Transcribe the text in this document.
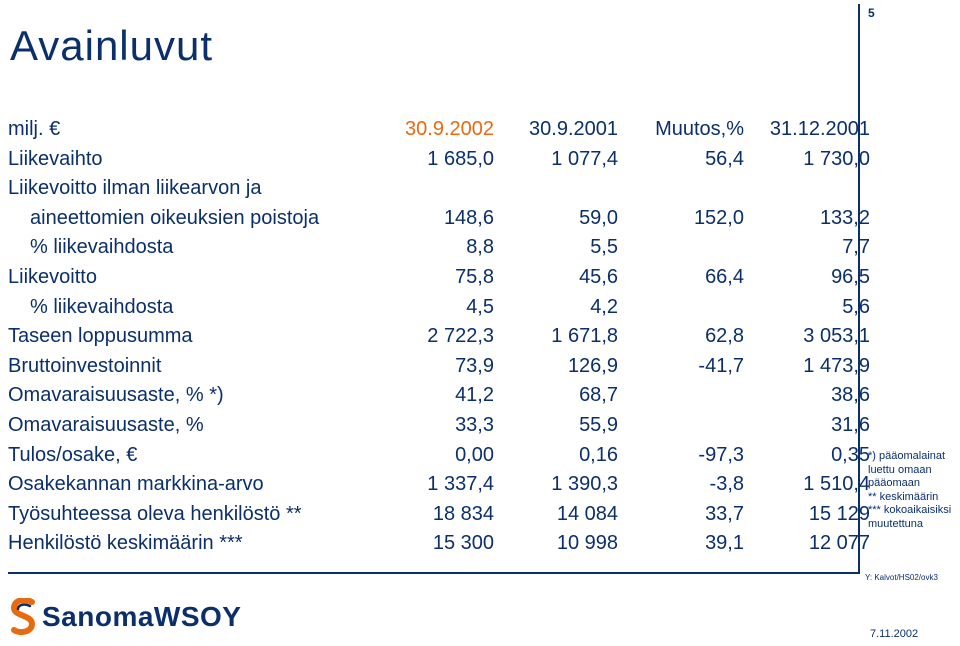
Avainluvut
5
milj. €	30.9.2002	30.9.2001	Muutos,%	31.12.2001
Liikevaihto	1 685,0	1 077,4	56,4	1 730,0
Liikevoitto ilman liikearvon ja				
aineettomien oikeuksien poistoja	148,6	59,0	152,0	133,2
% liikevaihdosta	8,8	5,5		7,7
Liikevoitto	75,8	45,6	66,4	96,5
% liikevaihdosta	4,5	4,2		5,6
Taseen loppusumma	2 722,3	1 671,8	62,8	3 053,1
Bruttoinvestoinnit	73,9	126,9	-41,7	1 473,9
Omavaraisuusaste, % *)	41,2	68,7		38,6
Omavaraisuusaste, %	33,3	55,9		31,6
Tulos/osake, €	0,00	0,16	-97,3	0,35
Osakekannan markkina-arvo	1 337,4	1 390,3	-3,8	1 510,4
Työsuhteessa oleva henkilöstö **	18 834	14 084	33,7	15 129
Henkilöstö keskimäärin ***	15 300	10 998	39,1	12 077
*) pääomalainat
luettu omaan
pääomaan
** keskimäärin
*** kokoaikaisiksi
muutettuna
Y: Kalvot/HS02/ovk3
7.11.2002
SanomaWSOY
